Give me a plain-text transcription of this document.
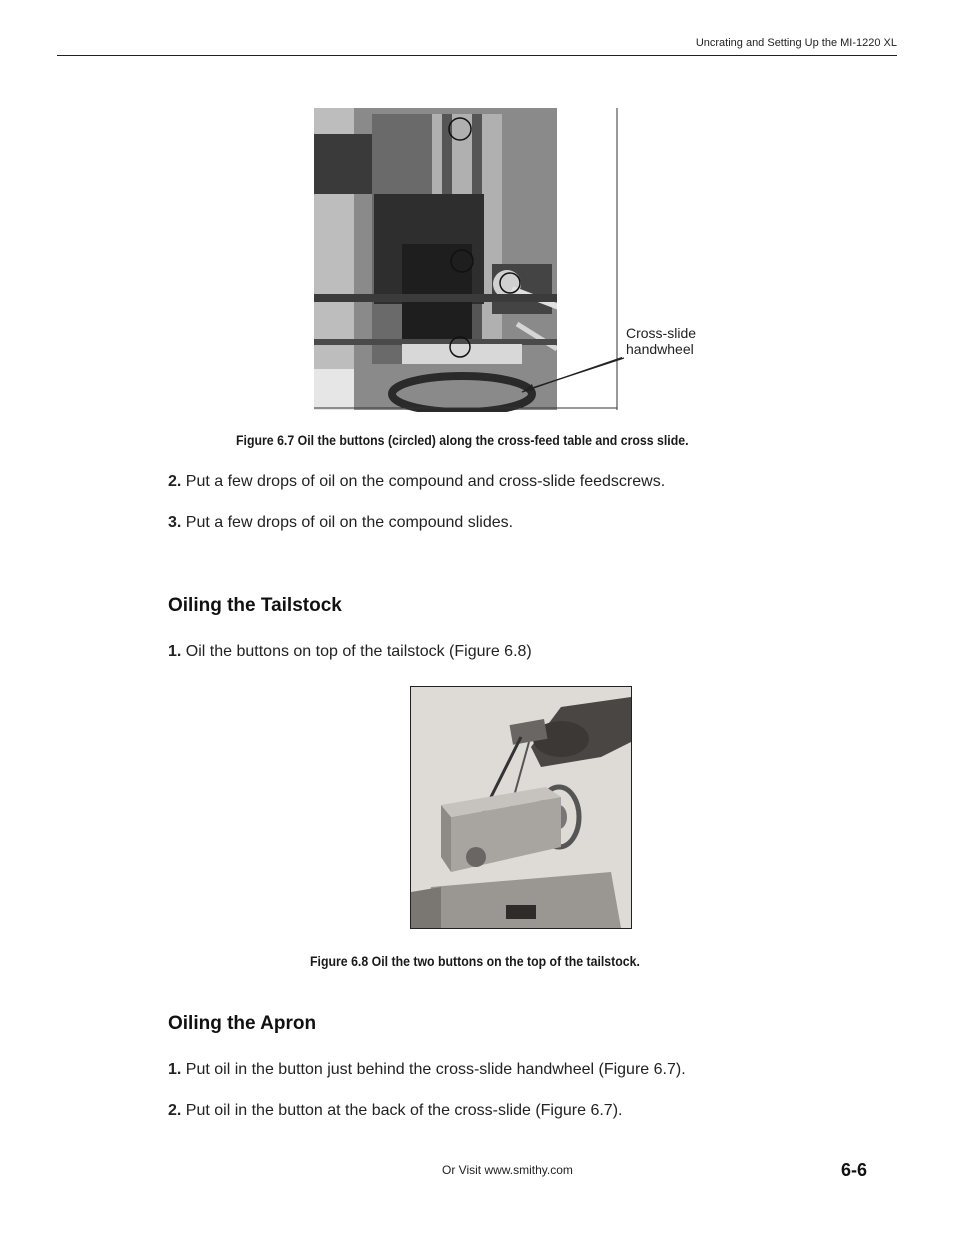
Uncrating and Setting Up the MI-1220 XL
Cross-slide
handwheel
Figure 6.7 Oil the buttons (circled) along the cross-feed table and cross slide.
2. Put a few drops of oil on the compound and cross-slide feedscrews.
3. Put a few drops of oil on the compound slides.
Oiling the Tailstock
1. Oil the buttons on top of the tailstock (Figure 6.8)
Figure 6.8 Oil the two buttons on the top of the tailstock.
Oiling the Apron
1. Put oil in the button just behind the cross-slide handwheel (Figure 6.7).
2. Put oil in the button at the back of the cross-slide (Figure 6.7).
Or Visit www.smithy.com	6-6
